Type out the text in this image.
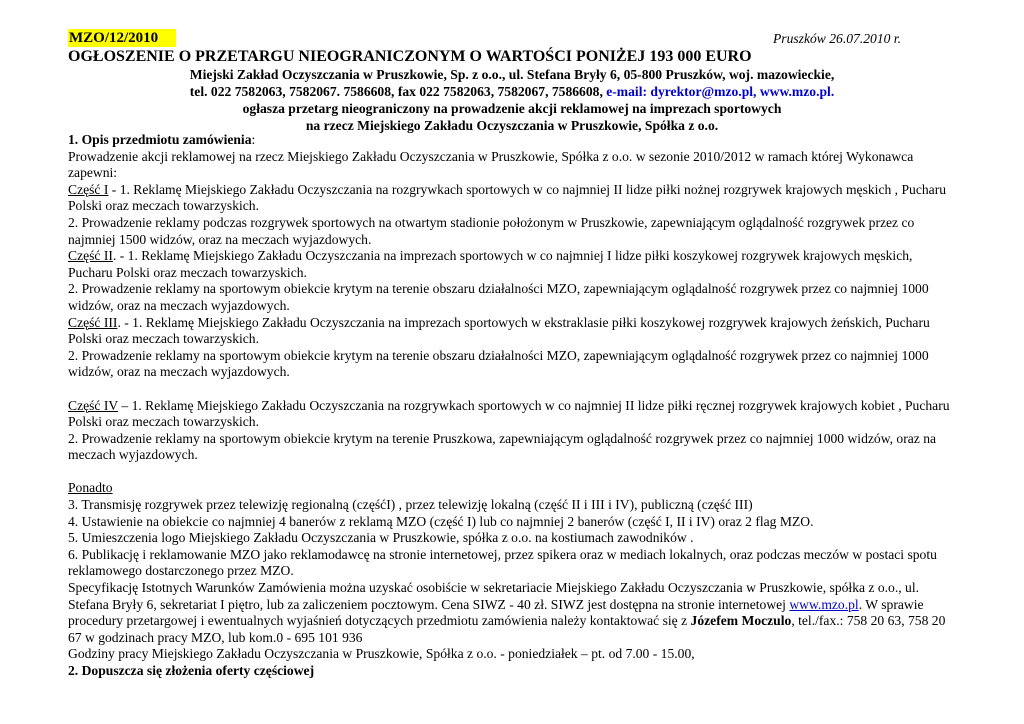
MZO/12/2010	Pruszków 26.07.2010 r.
OGŁOSZENIE O PRZETARGU NIEOGRANICZONYM O WARTOŚCI PONIŻEJ 193 000 EURO
Miejski Zakład Oczyszczania w Pruszkowie, Sp. z o.o., ul. Stefana Bryły 6, 05-800 Pruszków, woj. mazowieckie,
tel. 022 7582063, 7582067. 7586608, fax 022 7582063, 7582067, 7586608, e-mail: dyrektor@mzo.pl, www.mzo.pl.
ogłasza przetarg nieograniczony na prowadzenie akcji reklamowej na imprezach sportowych
na rzecz Miejskiego Zakładu Oczyszczania w Pruszkowie, Spółka z o.o.

1. Opis przedmiotu zamówienia:

Prowadzenie akcji reklamowej na rzecz Miejskiego Zakładu Oczyszczania w Pruszkowie, Spółka z o.o. w sezonie 2010/2012 w ramach której Wykonawca zapewni:

Część I - 1. Reklamę Miejskiego Zakładu Oczyszczania na rozgrywkach sportowych w co najmniej II lidze piłki nożnej rozgrywek krajowych męskich , Pucharu Polski oraz meczach towarzyskich.

2. Prowadzenie reklamy podczas rozgrywek sportowych na otwartym stadionie położonym w Pruszkowie, zapewniającym oglądalność rozgrywek przez co najmniej 1500 widzów, oraz na meczach wyjazdowych.

Część II. - 1. Reklamę Miejskiego Zakładu Oczyszczania na imprezach sportowych w co najmniej I lidze piłki koszykowej rozgrywek krajowych męskich, Pucharu Polski oraz meczach towarzyskich.

2. Prowadzenie reklamy na sportowym obiekcie krytym na terenie obszaru działalności MZO, zapewniającym oglądalność rozgrywek przez co najmniej 1000 widzów, oraz na meczach wyjazdowych.

Część III. - 1. Reklamę Miejskiego Zakładu Oczyszczania na imprezach sportowych w ekstraklasie piłki koszykowej rozgrywek krajowych żeńskich, Pucharu Polski oraz meczach towarzyskich.

2. Prowadzenie reklamy na sportowym obiekcie krytym na terenie obszaru działalności MZO, zapewniającym oglądalność rozgrywek przez co najmniej 1000 widzów, oraz na meczach wyjazdowych.

Część IV – 1. Reklamę Miejskiego Zakładu Oczyszczania na rozgrywkach sportowych w co najmniej II lidze piłki ręcznej rozgrywek krajowych kobiet , Pucharu Polski oraz meczach towarzyskich.

2. Prowadzenie reklamy na sportowym obiekcie krytym na terenie Pruszkowa, zapewniającym oglądalność rozgrywek przez co najmniej 1000 widzów, oraz na meczach wyjazdowych.

Ponadto

3. Transmisję rozgrywek przez telewizję regionalną (częśćI) , przez telewizję lokalną (część II i III i IV), publiczną (część III)

4. Ustawienie na obiekcie co najmniej 4 banerów z reklamą MZO (część I) lub co najmniej 2 banerów (część I, II i IV) oraz 2 flag MZO.

5. Umieszczenia logo Miejskiego Zakładu Oczyszczania w Pruszkowie, spółka z o.o. na kostiumach zawodników .

6. Publikację i reklamowanie MZO jako reklamodawcę na stronie internetowej, przez spikera oraz w mediach lokalnych, oraz podczas meczów w postaci spotu reklamowego dostarczonego przez MZO.

Specyfikację Istotnych Warunków Zamówienia można uzyskać osobiście w sekretariacie Miejskiego Zakładu Oczyszczania w Pruszkowie, spółka z o.o., ul. Stefana Bryły 6, sekretariat I piętro, lub za zaliczeniem pocztowym. Cena SIWZ - 40 zł. SIWZ jest dostępna na stronie internetowej www.mzo.pl. W sprawie procedury przetargowej i ewentualnych wyjaśnień dotyczących przedmiotu zamówienia należy kontaktować się z Józefem Moczulo, tel./fax.: 758 20 63, 758 20 67 w godzinach pracy MZO, lub kom.0 - 695 101 936

Godziny pracy Miejskiego Zakładu Oczyszczania w Pruszkowie, Spółka z o.o. - poniedziałek – pt. od 7.00 - 15.00,

2. Dopuszcza się złożenia oferty częściowej
